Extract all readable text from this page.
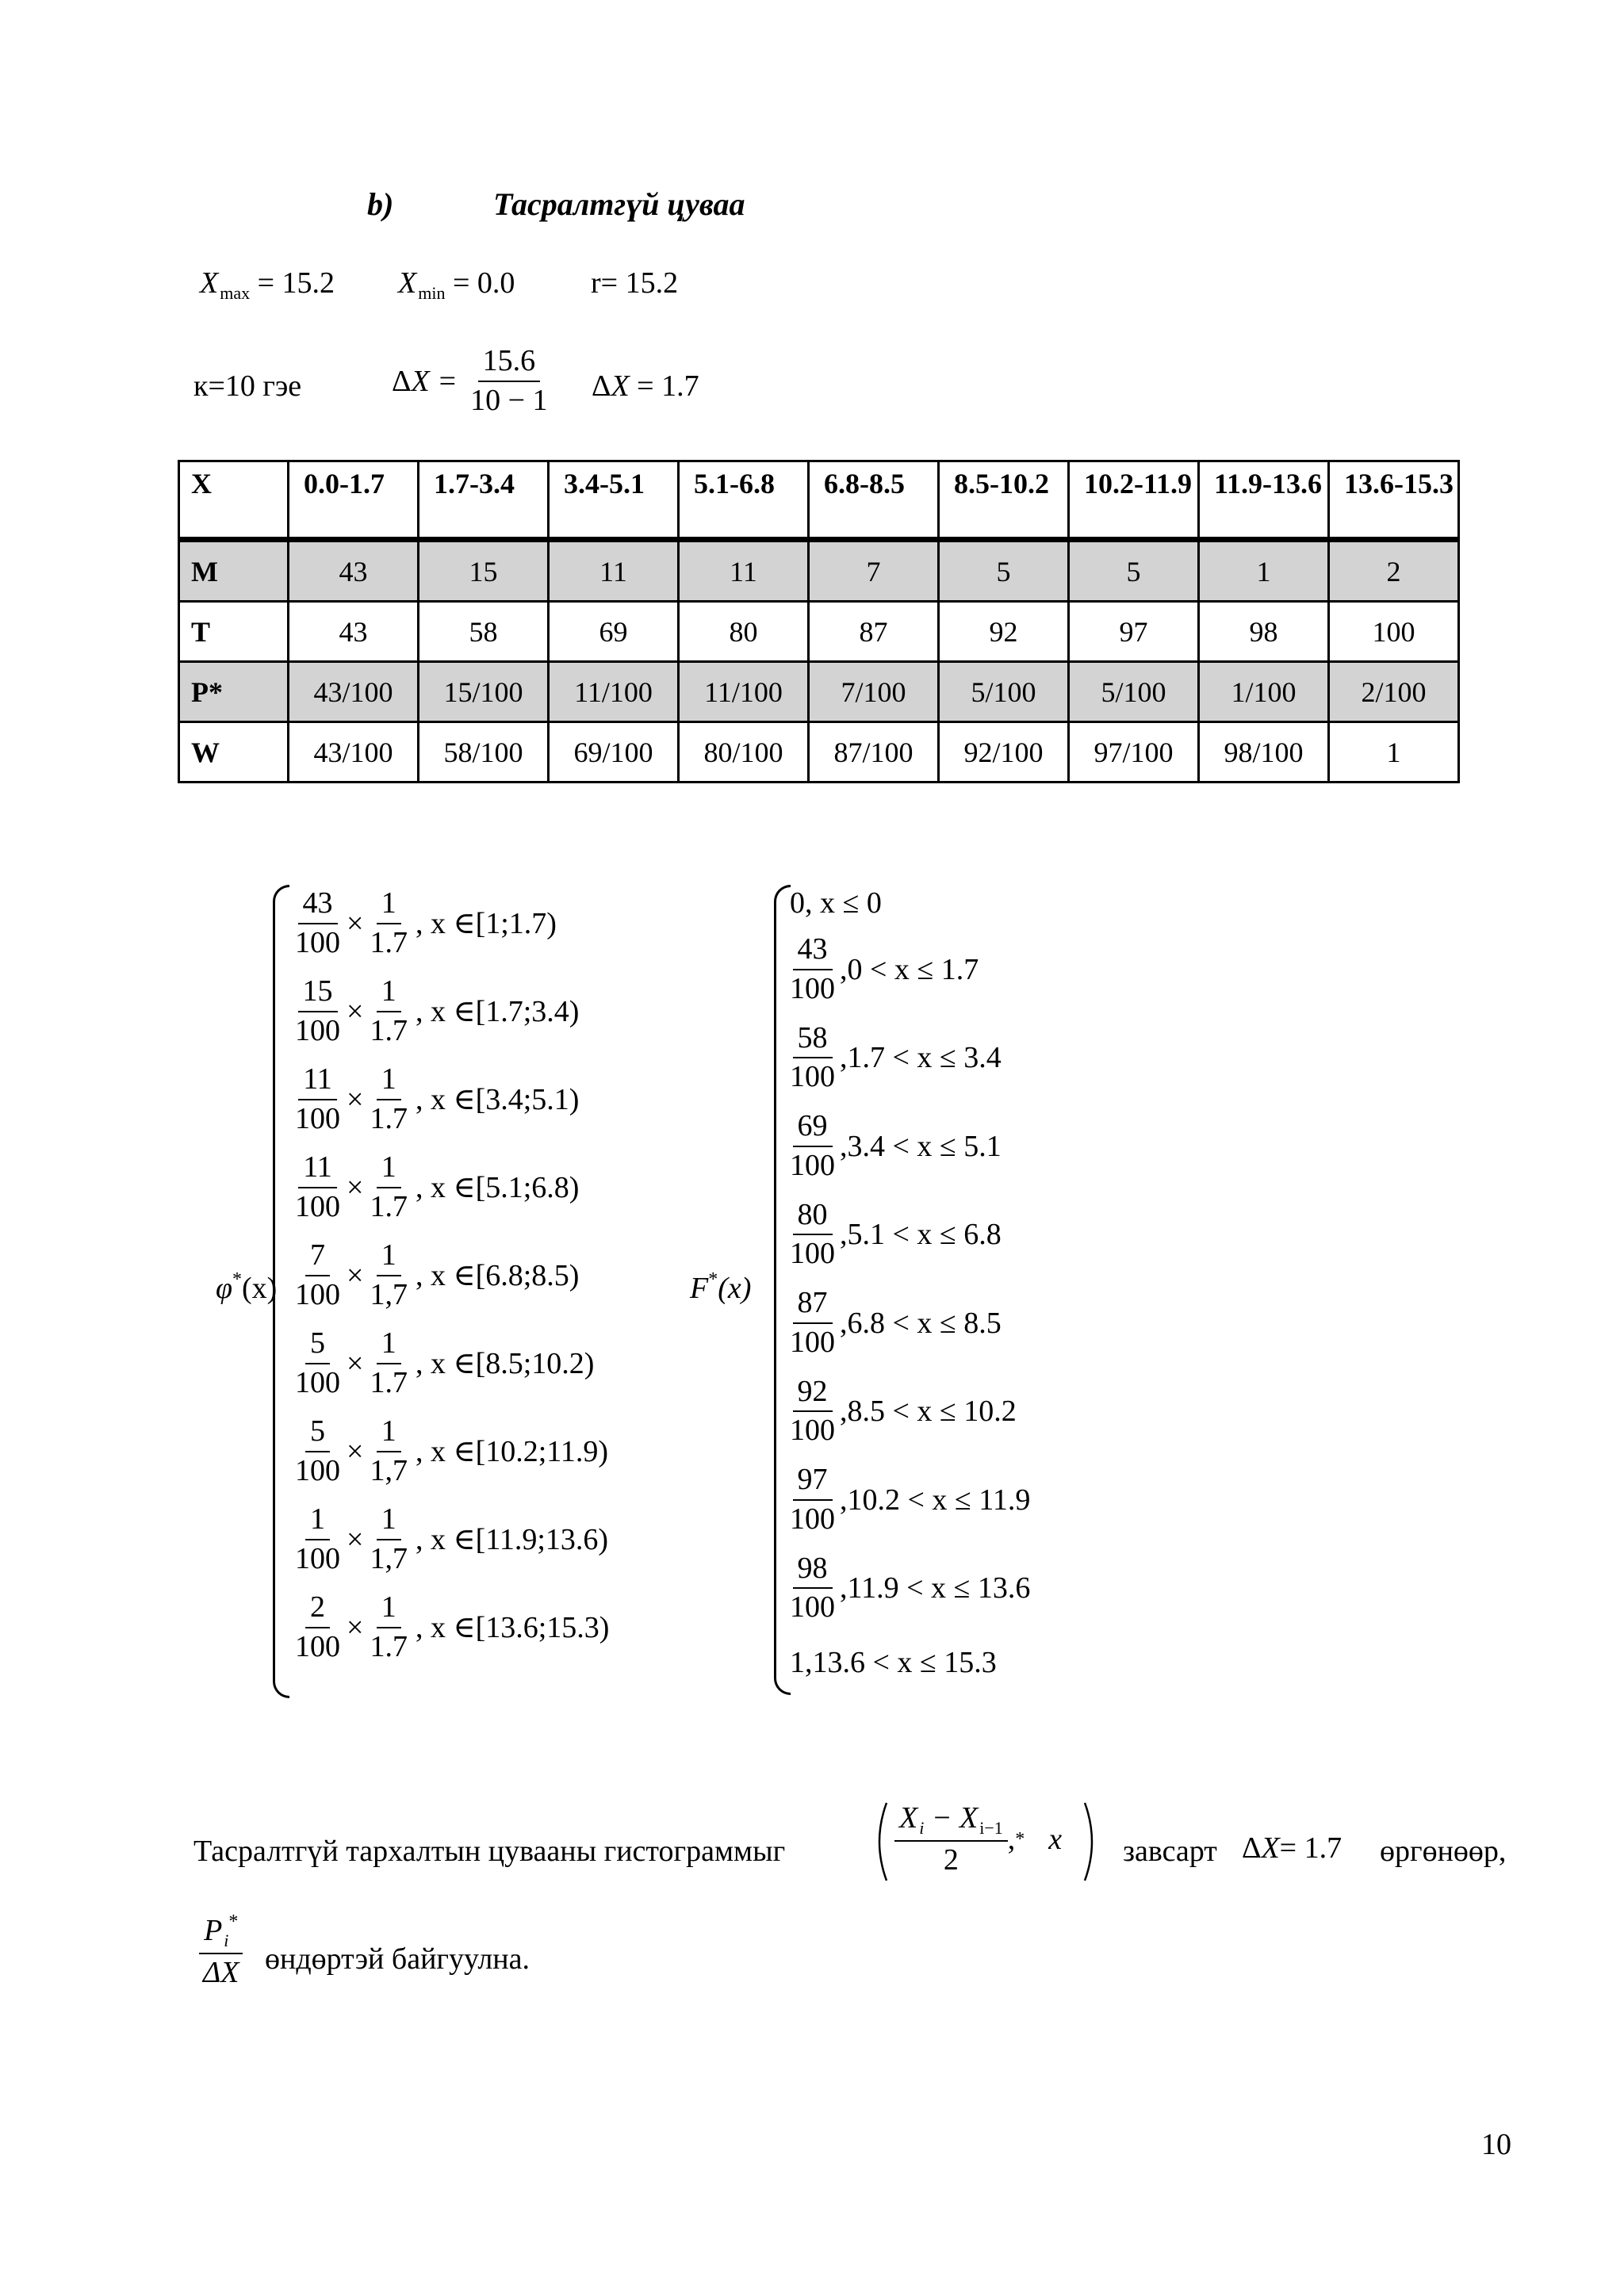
b)	Тасралтгүй цуваа
$X_{max} = 15.2$ $X_{min} = 0.0$	r= 15.2
к=10 гэе	Δ $X = \frac{15.6}{10 - 1}$ ΔX = 1.7
X	0.0-1.7	1.7-3.4	3.4-5.1	5.1-6.8	6.8-8.5	8.5-10.2	10.2-11.9	11.9-13.6	13.6-15.3
M	43	15	11	11	7	5	5	1	2
T	43	58	69	80	87	92	97	98	100
P*	43/100	15/100	11/100	11/100	7/100	5/100	5/100	1/100	2/100
W	43/100	58/100	69/100	80/100	87/100	92/100	97/100	98/100	1
φ*(x)
$\frac{43}{100} \times \frac{1}{1.7}$ , x ∈ [1;1.7)
$\frac{15}{100} \times \frac{1}{1.7}$ , x ∈ [1.7;3.4)
$\frac{11}{100} \times \frac{1}{1.7}$ , x ∈ [3.4;5.1)
$\frac{11}{100} \times \frac{1}{1.7}$ , x ∈ [5.1;6.8)
$\frac{7}{100} \times \frac{1}{1,7}$ , x ∈ [6.8;8.5)
$\frac{5}{100} \times \frac{1}{1.7}$ , x ∈ [8.5;10.2)
$\frac{5}{100} \times \frac{1}{1,7}$ , x ∈ [10.2;11.9)
$\frac{1}{100} \times \frac{1}{1,7}$ , x ∈ [11.9;13.6)
$\frac{2}{100} \times \frac{1}{1.7}$ , x ∈ [13.6;15.3)
F*(x)
0, x ≤ 0
$\frac{43}{100} ,0 < x \le 1.7$
$\frac{58}{100} ,1.7 < x \le 3.4$
$\frac{69}{100} ,3.4 < x \le 5.1$
$\frac{80}{100} ,5.1 < x \le 6.8$
$\frac{87}{100} ,6.8 < x \le 8.5$
$\frac{92}{100} ,8.5 < x \le 10.2$
$\frac{97}{100} ,10.2 < x \le 11.9$
$\frac{98}{100} ,11.9 < x \le 13.6$
1,13.6 < x ≤ 15.3
Тасралтгүй тархалтын цувааны гистограммыг	$\frac{X_i - X_{i-1}}{2}$ , * x завсарт ΔX= 1.7 өргөнөөр,
$\frac{P_i^*}{\Delta X}$ өндөртэй байгуулна.
10
